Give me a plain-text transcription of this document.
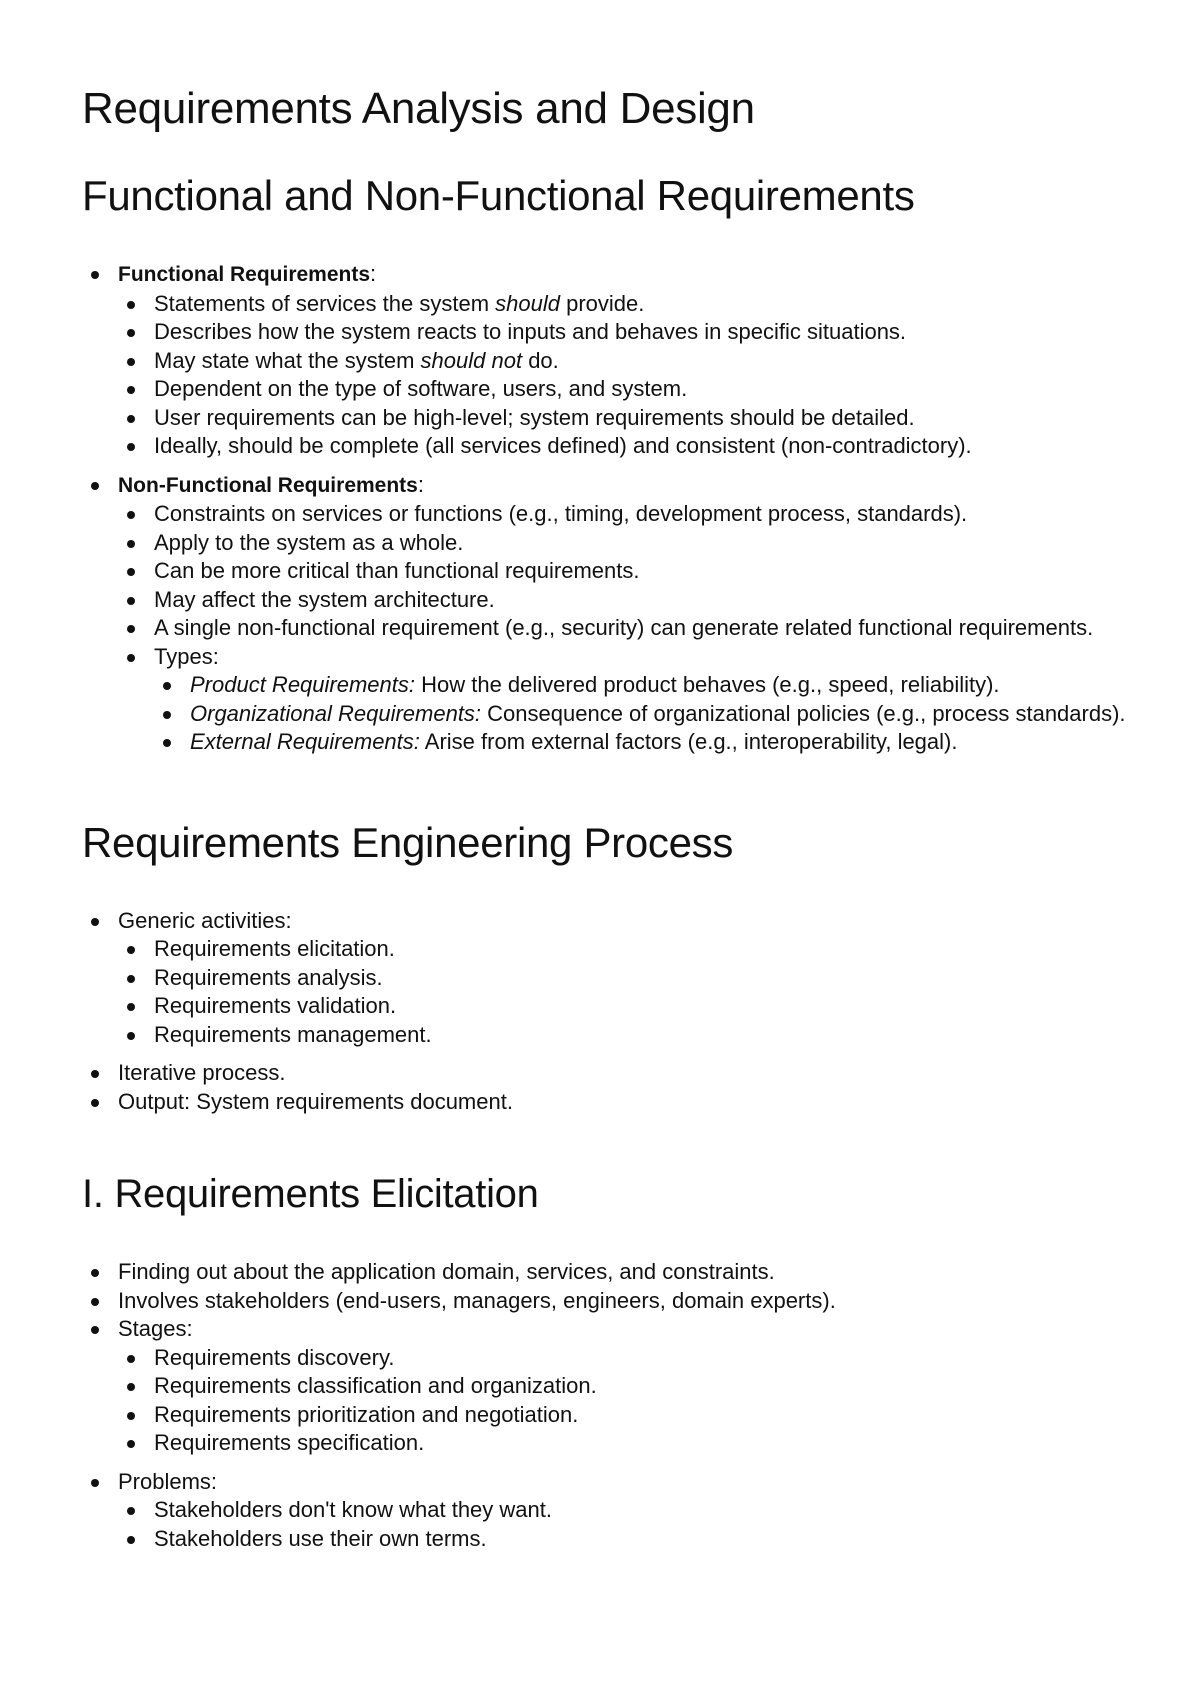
Requirements Analysis and Design
Functional and Non-Functional Requirements
Functional Requirements:
Statements of services the system should provide.
Describes how the system reacts to inputs and behaves in specific situations.
May state what the system should not do.
Dependent on the type of software, users, and system.
User requirements can be high-level; system requirements should be detailed.
Ideally, should be complete (all services defined) and consistent (non-contradictory).
Non-Functional Requirements:
Constraints on services or functions (e.g., timing, development process, standards).
Apply to the system as a whole.
Can be more critical than functional requirements.
May affect the system architecture.
A single non-functional requirement (e.g., security) can generate related functional requirements.
Types:
Product Requirements: How the delivered product behaves (e.g., speed, reliability).
Organizational Requirements: Consequence of organizational policies (e.g., process standards).
External Requirements: Arise from external factors (e.g., interoperability, legal).
Requirements Engineering Process
Generic activities:
Requirements elicitation.
Requirements analysis.
Requirements validation.
Requirements management.
Iterative process.
Output: System requirements document.
I. Requirements Elicitation
Finding out about the application domain, services, and constraints.
Involves stakeholders (end-users, managers, engineers, domain experts).
Stages:
Requirements discovery.
Requirements classification and organization.
Requirements prioritization and negotiation.
Requirements specification.
Problems:
Stakeholders don't know what they want.
Stakeholders use their own terms.
